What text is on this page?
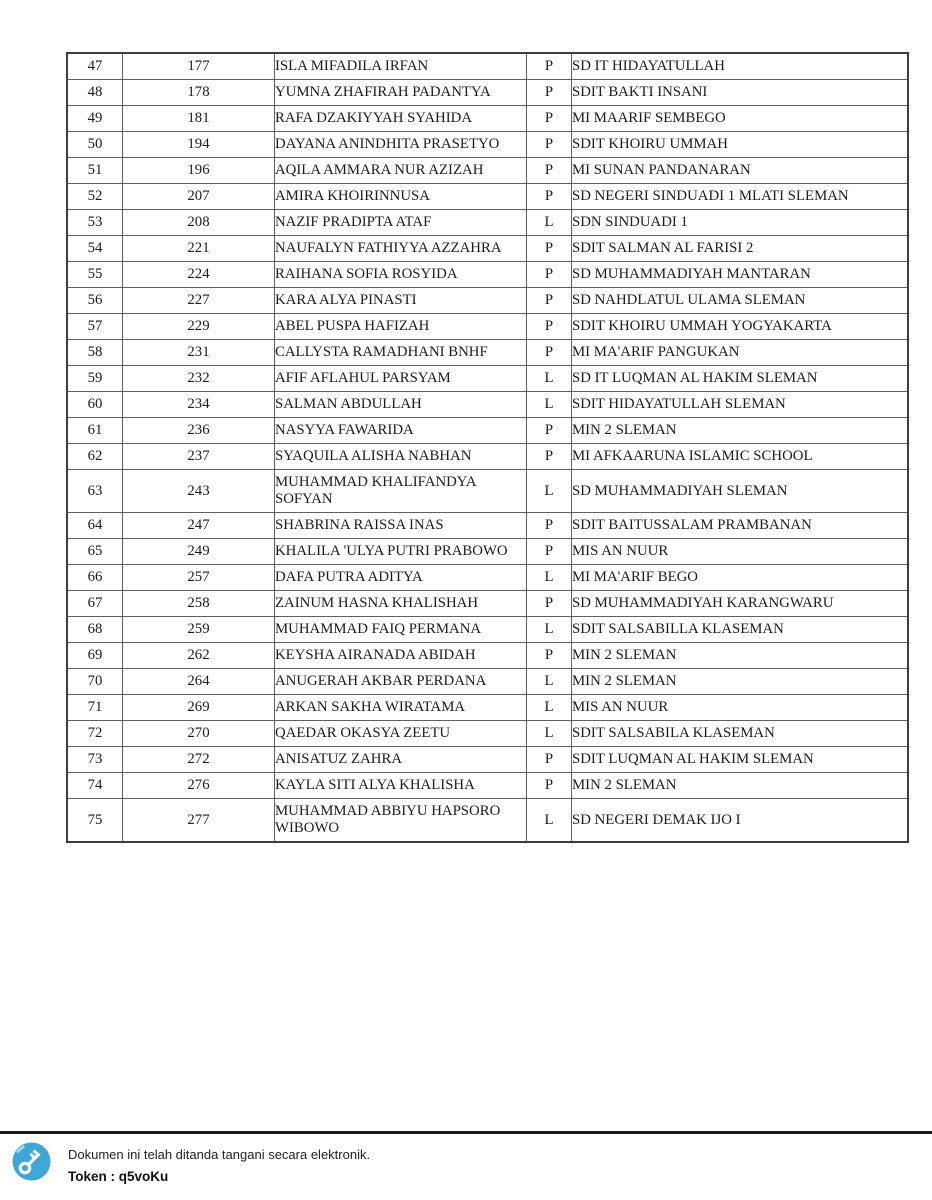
47	177	ISLA MIFADILA IRFAN	P	SD IT HIDAYATULLAH
48	178	YUMNA ZHAFIRAH PADANTYA	P	SDIT BAKTI INSANI
49	181	RAFA DZAKIYYAH SYAHIDA	P	MI MAARIF SEMBEGO
50	194	DAYANA ANINDHITA PRASETYO	P	SDIT KHOIRU UMMAH
51	196	AQILA AMMARA NUR AZIZAH	P	MI SUNAN PANDANARAN
52	207	AMIRA KHOIRINNUSA	P	SD NEGERI SINDUADI 1 MLATI SLEMAN
53	208	NAZIF PRADIPTA ATAF	L	SDN SINDUADI 1
54	221	NAUFALYN FATHIYYA AZZAHRA	P	SDIT SALMAN AL FARISI 2
55	224	RAIHANA SOFIA ROSYIDA	P	SD MUHAMMADIYAH MANTARAN
56	227	KARA ALYA PINASTI	P	SD NAHDLATUL ULAMA SLEMAN
57	229	ABEL PUSPA HAFIZAH	P	SDIT KHOIRU UMMAH YOGYAKARTA
58	231	CALLYSTA RAMADHANI BNHF	P	MI MA'ARIF PANGUKAN
59	232	AFIF AFLAHUL PARSYAM	L	SD IT LUQMAN AL HAKIM SLEMAN
60	234	SALMAN ABDULLAH	L	SDIT HIDAYATULLAH SLEMAN
61	236	NASYYA FAWARIDA	P	MIN 2 SLEMAN
62	237	SYAQUILA ALISHA NABHAN	P	MI AFKAARUNA ISLAMIC SCHOOL
63	243	MUHAMMAD KHALIFANDYA SOFYAN	L	SD MUHAMMADIYAH SLEMAN
64	247	SHABRINA RAISSA INAS	P	SDIT BAITUSSALAM PRAMBANAN
65	249	KHALILA 'ULYA PUTRI PRABOWO	P	MIS AN NUUR
66	257	DAFA PUTRA ADITYA	L	MI MA'ARIF BEGO
67	258	ZAINUM HASNA KHALISHAH	P	SD MUHAMMADIYAH KARANGWARU
68	259	MUHAMMAD FAIQ PERMANA	L	SDIT SALSABILLA KLASEMAN
69	262	KEYSHA AIRANADA ABIDAH	P	MIN 2 SLEMAN
70	264	ANUGERAH AKBAR PERDANA	L	MIN 2 SLEMAN
71	269	ARKAN SAKHA WIRATAMA	L	MIS AN NUUR
72	270	QAEDAR OKASYA ZEETU	L	SDIT SALSABILA KLASEMAN
73	272	ANISATUZ ZAHRA	P	SDIT LUQMAN AL HAKIM SLEMAN
74	276	KAYLA SITI ALYA KHALISHA	P	MIN 2 SLEMAN
75	277	MUHAMMAD ABBIYU HAPSORO WIBOWO	L	SD NEGERI DEMAK IJO I
Dokumen ini telah ditanda tangani secara elektronik.
Token : q5voKu
